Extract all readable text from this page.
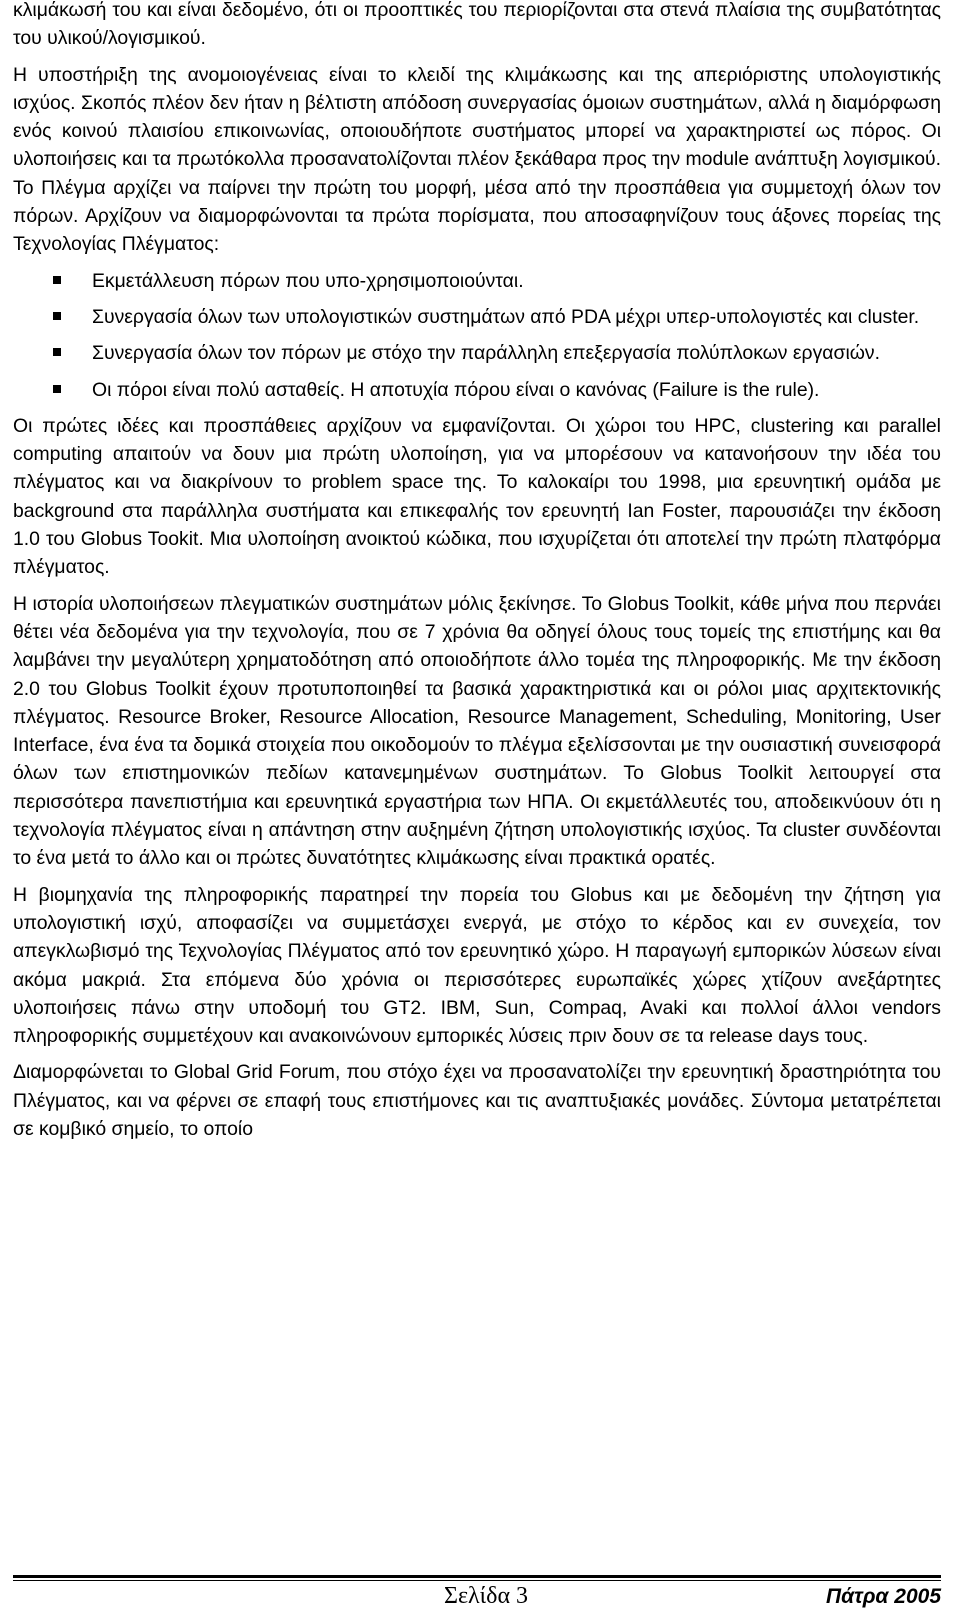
κλιμάκωσή του και είναι δεδομένο, ότι οι προοπτικές του περιορίζονται στα στενά πλαίσια της συμβατότητας του υλικού/λογισμικού.

Η υποστήριξη της ανομοιογένειας είναι το κλειδί της κλιμάκωσης και της απεριόριστης υπολογιστικής ισχύος. Σκοπός πλέον δεν ήταν η βέλτιστη απόδοση συνεργασίας όμοιων συστημάτων, αλλά η διαμόρφωση ενός κοινού πλαισίου επικοινωνίας, οποιουδήποτε συστήματος μπορεί να χαρακτηριστεί ως πόρος. Οι υλοποιήσεις και τα πρωτόκολλα προσανατολίζονται πλέον ξεκάθαρα προς την module ανάπτυξη λογισμικού. Το Πλέγμα αρχίζει να παίρνει την πρώτη του μορφή, μέσα από την προσπάθεια για συμμετοχή όλων τον πόρων. Αρχίζουν να διαμορφώνονται τα πρώτα πορίσματα, που αποσαφηνίζουν τους άξονες πορείας της Τεχνολογίας Πλέγματος:

Εκμετάλλευση πόρων που υπο-χρησιμοποιούνται.
Συνεργασία όλων των υπολογιστικών συστημάτων από PDA μέχρι υπερ-υπολογιστές και cluster.
Συνεργασία όλων τον πόρων με στόχο την παράλληλη επεξεργασία πολύπλοκων εργασιών.
Οι πόροι είναι πολύ ασταθείς. Η αποτυχία πόρου είναι ο κανόνας (Failure is the rule).

Οι πρώτες ιδέες και προσπάθειες αρχίζουν να εμφανίζονται. Οι χώροι του HPC, clustering και parallel computing απαιτούν να δουν μια πρώτη υλοποίηση, για να μπορέσουν να κατανοήσουν την ιδέα του πλέγματος και να διακρίνουν το problem space της. Το καλοκαίρι του 1998, μια ερευνητική ομάδα με background στα παράλληλα συστήματα και επικεφαλής τον ερευνητή Ian Foster, παρουσιάζει την έκδοση 1.0 του Globus Tookit. Μια υλοποίηση ανοικτού κώδικα, που ισχυρίζεται ότι αποτελεί την πρώτη πλατφόρμα πλέγματος.

Η ιστορία υλοποιήσεων πλεγματικών συστημάτων μόλις ξεκίνησε. Το Globus Toolkit, κάθε μήνα που περνάει θέτει νέα δεδομένα για την τεχνολογία, που σε 7 χρόνια θα οδηγεί όλους τους τομείς της επιστήμης και θα λαμβάνει την μεγαλύτερη χρηματοδότηση από οποιοδήποτε άλλο τομέα της πληροφορικής. Με την έκδοση 2.0 του Globus Toolkit έχουν προτυποποιηθεί τα βασικά χαρακτηριστικά και οι ρόλοι μιας αρχιτεκτονικής πλέγματος. Resource Broker, Resource Allocation, Resource Management, Scheduling, Monitoring, User Interface, ένα ένα τα δομικά στοιχεία που οικοδομούν το πλέγμα εξελίσσονται με την ουσιαστική συνεισφορά όλων των επιστημονικών πεδίων κατανεμημένων συστημάτων. Το Globus Toolkit λειτουργεί στα περισσότερα πανεπιστήμια και ερευνητικά εργαστήρια των ΗΠΑ. Οι εκμετάλλευτές του, αποδεικνύουν ότι η τεχνολογία πλέγματος είναι η απάντηση στην αυξημένη ζήτηση υπολογιστικής ισχύος. Τα cluster συνδέονται το ένα μετά το άλλο και οι πρώτες δυνατότητες κλιμάκωσης είναι πρακτικά ορατές.

Η βιομηχανία της πληροφορικής παρατηρεί την πορεία του Globus και με δεδομένη την ζήτηση για υπολογιστική ισχύ, αποφασίζει να συμμετάσχει ενεργά, με στόχο το κέρδος και εν συνεχεία, τον απεγκλωβισμό της Τεχνολογίας Πλέγματος από τον ερευνητικό χώρο. Η παραγωγή εμπορικών λύσεων είναι ακόμα μακριά. Στα επόμενα δύο χρόνια οι περισσότερες ευρωπαϊκές χώρες χτίζουν ανεξάρτητες υλοποιήσεις πάνω στην υποδομή του GT2. IBM, Sun, Compaq, Avaki και πολλοί άλλοι vendors πληροφορικής συμμετέχουν και ανακοινώνουν εμπορικές λύσεις πριν δουν σε τα release days τους.

Διαμορφώνεται το Global Grid Forum, που στόχο έχει να προσανατολίζει την ερευνητική δραστηριότητα του Πλέγματος, και να φέρνει σε επαφή τους επιστήμονες και τις αναπτυξιακές μονάδες. Σύντομα μετατρέπεται σε κομβικό σημείο, το οποίο

Σελίδα 3	Πάτρα 2005
